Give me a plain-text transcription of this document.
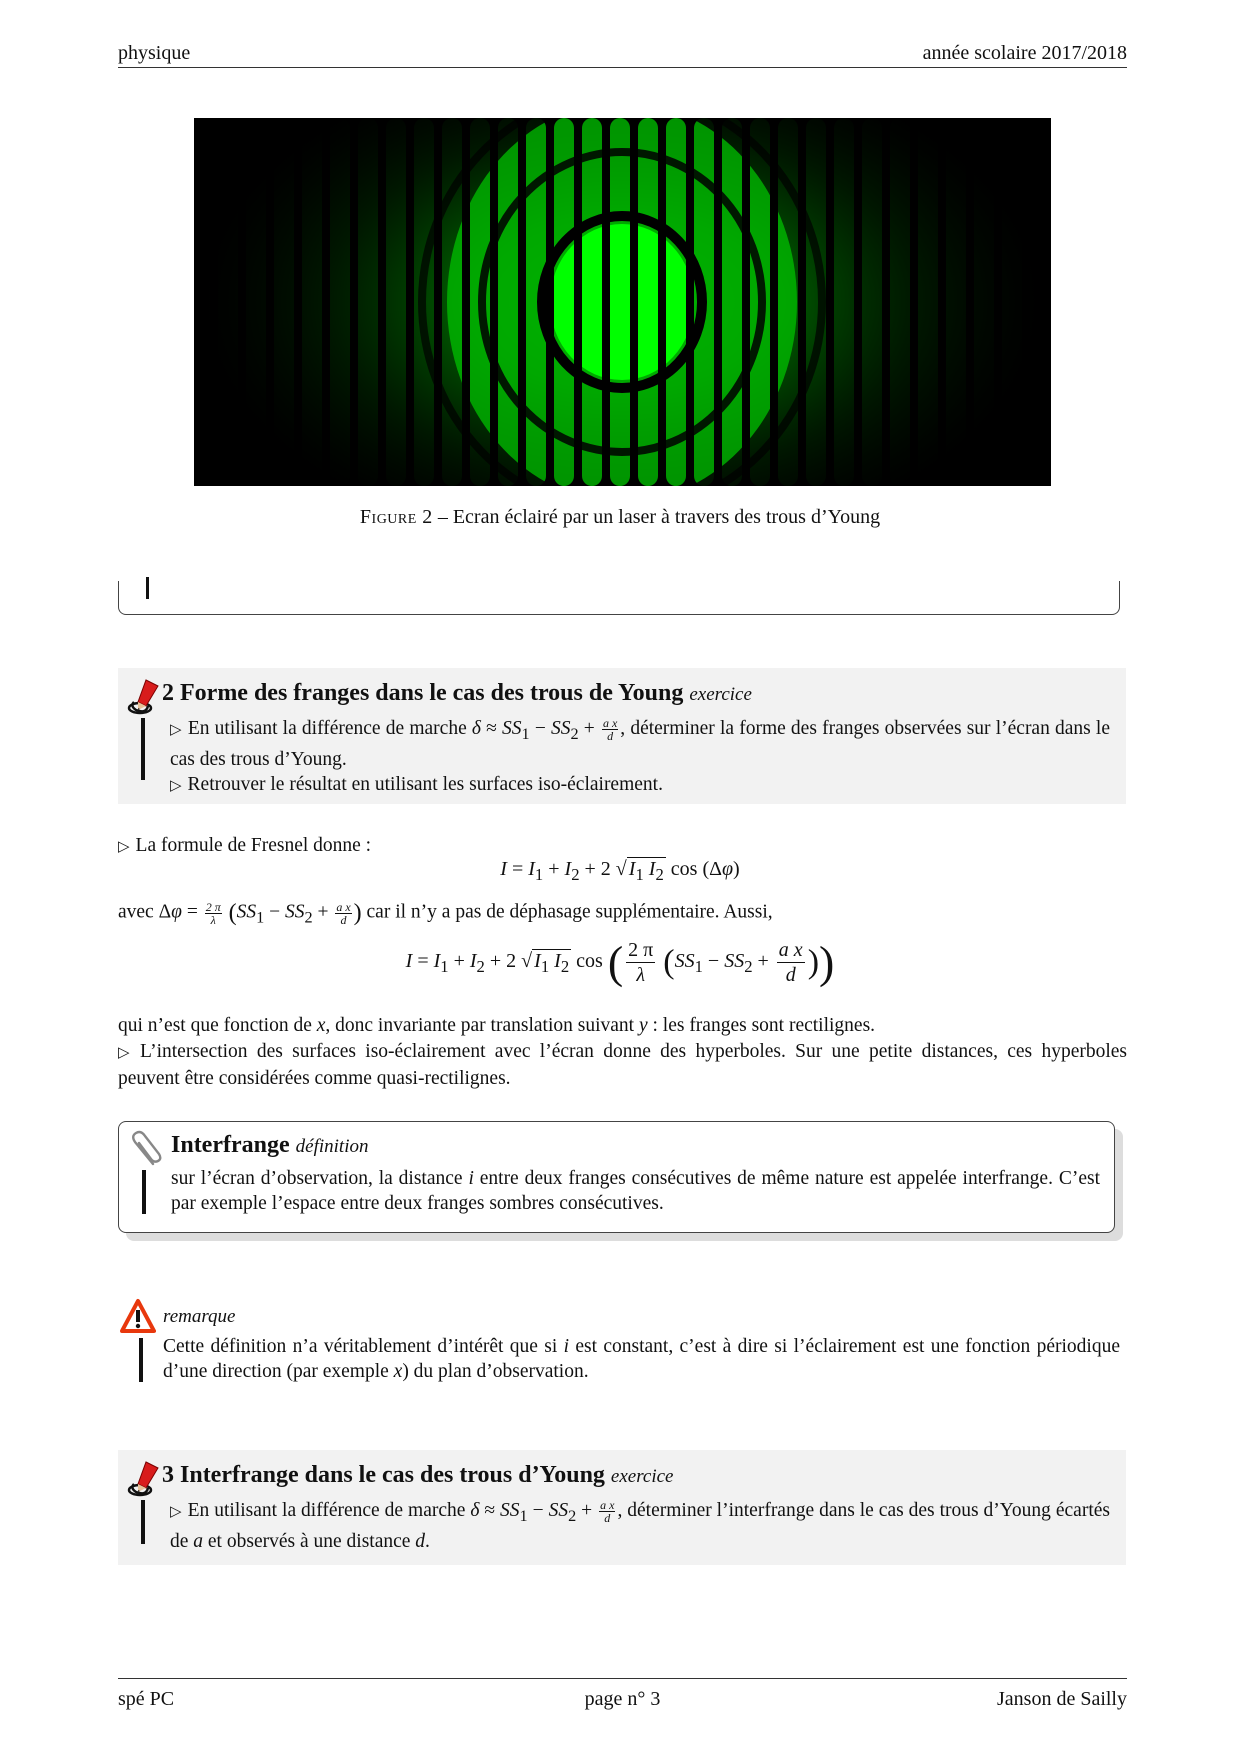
physique	année scolaire 2017/2018
Figure 2 – Ecran éclairé par un laser à travers des trous d’Young
2 Forme des franges dans le cas des trous de Young exercice
▷ En utilisant la différence de marche $\delta \approx SS_1 - SS_2 + \frac{\text{a x}}{d}$ , déterminer la forme des franges observées sur l’écran dans le cas des trous d’Young.
▷ Retrouver le résultat en utilisant les surfaces iso-éclairement.
▷ La formule de Fresnel donne :
$I = I_1 + I_2 + 2$ √ $I_1$ $I_2$ cos (Δφ)
avec $\Delta\varphi = \frac{2 \pi}{\lambda} (SS_1 - SS_2 + \frac{\text{a x}}{d}$ ) car il n’y a pas de déphasage supplémentaire. Aussi,
$I = I_1 + I_2 + 2$ √ $I_1$ $I_2$ cos ( $\frac{2 \pi}{\lambda} (SS_1 - SS_2 + \frac{\text{a x}}{d}$ ))
qui n’est que fonction de x, donc invariante par translation suivant y : les franges sont rectilignes.
▷ L’intersection des surfaces iso-éclairement avec l’écran donne des hyperboles. Sur une petite distances, ces hyperboles peuvent être considérées comme quasi-rectilignes.
Interfrange définition
sur l’écran d’observation, la distance i entre deux franges consécutives de même nature est appelée interfrange. C’est par exemple l’espace entre deux franges sombres consécutives.
remarque
Cette définition n’a véritablement d’intérêt que si i est constant, c’est à dire si l’éclairement est une fonction périodique d’une direction (par exemple x) du plan d’observation.
3 Interfrange dans le cas des trous d’Young exercice
▷ En utilisant la différence de marche $\delta \approx SS_1 - SS_2 + \frac{\text{a x}}{d}$ , déterminer l’interfrange dans le cas des trous d’Young écartés de a et observés à une distance d.
spé PC	page n° 3	Janson de Sailly
